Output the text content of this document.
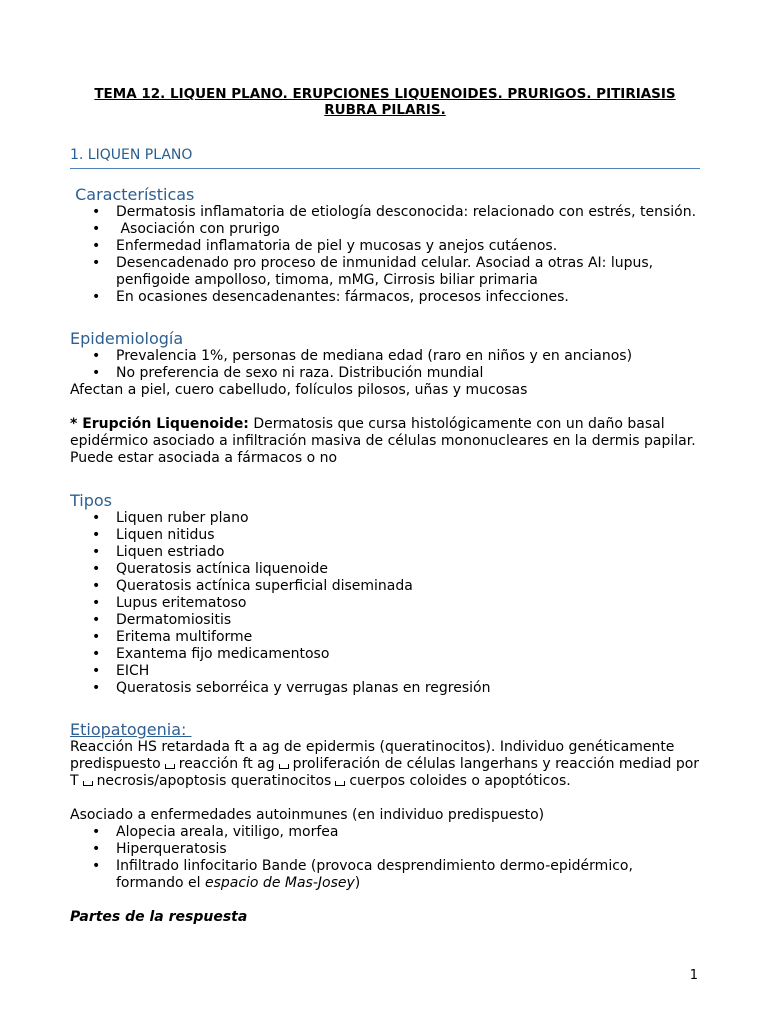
TEMA 12. LIQUEN PLANO. ERUPCIONES LIQUENOIDES. PRURIGOS. PITIRIASIS RUBRA PILARIS.

1. LIQUEN PLANO
Características
• Dermatosis inflamatoria de etiología desconocida: relacionado con estrés, tensión.
•  Asociación con prurigo
• Enfermedad inflamatoria de piel y mucosas y anejos cutáenos.
• Desencadenado pro proceso de inmunidad celular. Asociad a otras AI: lupus, penfigoide ampolloso, timoma, mMG, Cirrosis biliar primaria
• En ocasiones desencadenantes: fármacos, procesos infecciones.
Epidemiología
• Prevalencia 1%, personas de mediana edad (raro en niños y en ancianos)
• No preferencia de sexo ni raza. Distribución mundial

Afectan a piel, cuero cabelludo, folículos pilosos, uñas y mucosas

* Erupción Liquenoide: Dermatosis que cursa histológicamente con un daño basal epidérmico asociado a infiltración masiva de células mononucleares en la dermis papilar. Puede estar asociada a fármacos o no

Tipos
• Liquen ruber plano
• Liquen nitidus
• Liquen estriado
• Queratosis actínica liquenoide
• Queratosis actínica superficial diseminada
• Lupus eritematoso
• Dermatomiositis
• Eritema multiforme
• Exantema fijo medicamentoso
• EICH
• Queratosis seborréica y verrugas planas en regresión
Etiopatogenia:

Reacción HS retardada ft a ag de epidermis (queratinocitos). Individuo genéticamente predispuesto reacción ft ag proliferación de células langerhans y reacción mediad por T necrosis/apoptosis queratinocitos cuerpos coloides o apoptóticos.

Asociado a enfermedades autoinmunes (en individuo predispuesto)

• Alopecia areala, vitiligo, morfea
• Hiperqueratosis
• Infiltrado linfocitario Bande (provoca desprendimiento dermo-epidérmico, formando el espacio de Mas-Josey)

Partes de la respuesta

1
